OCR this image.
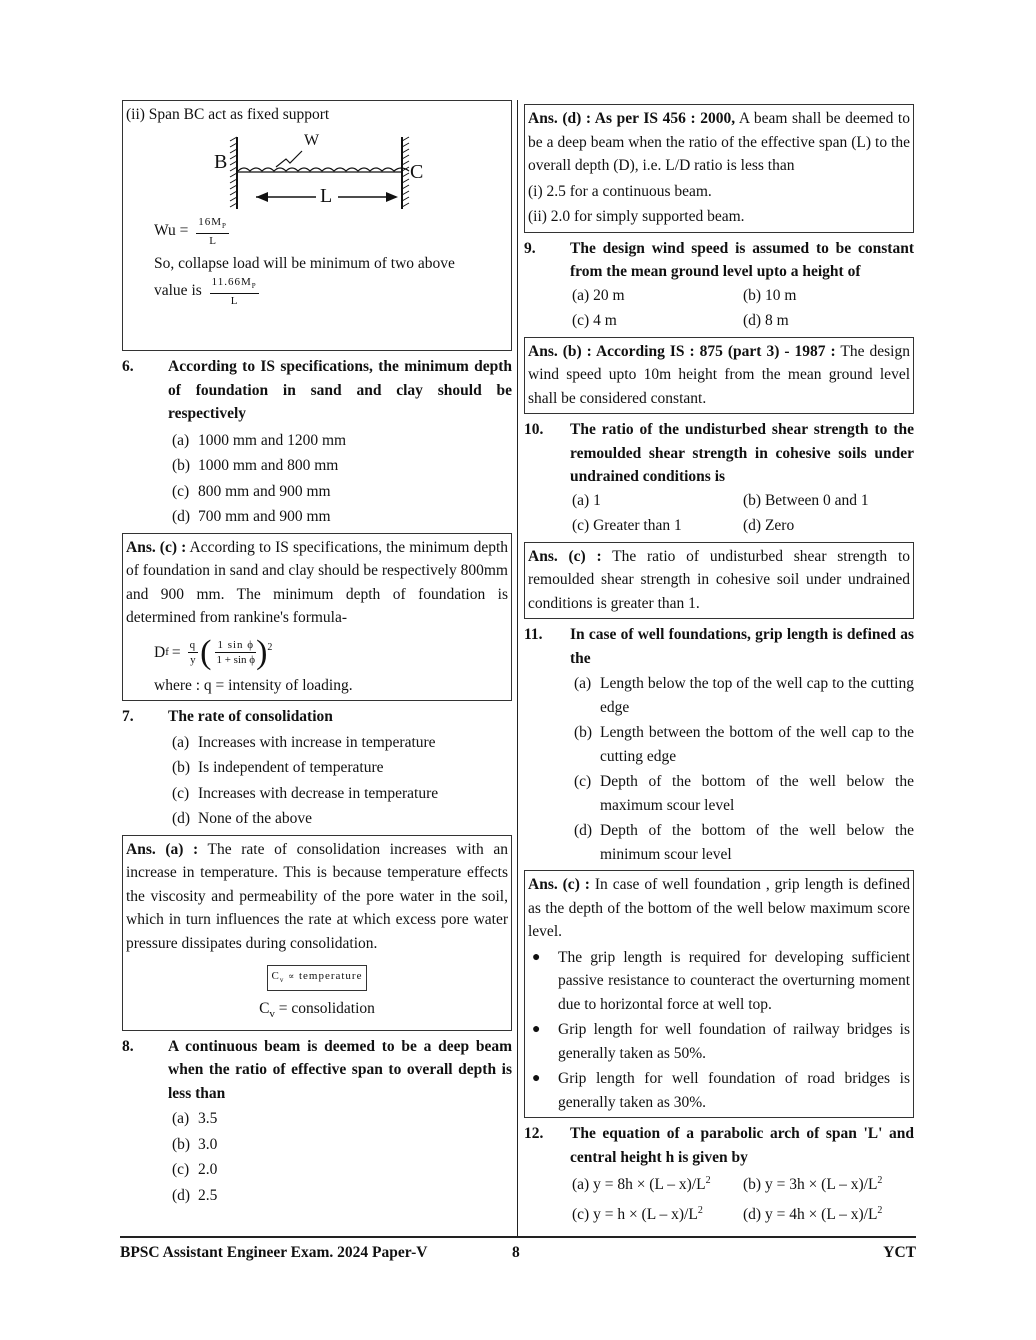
(ii) Span BC act as fixed support
B	C
W
L
$Wu = \frac{16M_P}{L}$
So, collapse load will be minimum of two above
value is $\frac{11.66M_P}{L}$
6.	According to IS specifications, the minimum depth of foundation in sand and clay should be respectively
(a) 1000 mm and 1200 mm
(b) 1000 mm and 800 mm
(c) 800 mm and 900 mm
(d) 700 mm and 900 mm
Ans. (c) : According to IS specifications, the minimum depth of foundation in sand and clay should be respectively 800mm and 900 mm. The minimum depth of foundation is determined from rankine's formula-
D $f = \frac{q}{y}$ ( $\frac{\text{1 sin ϕ}}{\text{1 + sin ϕ}} )^2$
where : q = intensity of loading.
7.	The rate of consolidation
(a) Increases with increase in temperature
(b) Is independent of temperature
(c) Increases with decrease in temperature
(d) None of the above
Ans. (a) : The rate of consolidation increases with an increase in temperature. This is because temperature effects the viscosity and permeability of the pore water in the soil, which in turn influences the rate at which excess pore water pressure dissipates during consolidation.
$C_v$ ∝ temperature
$C_v$ = consolidation
8.	A continuous beam is deemed to be a deep beam when the ratio of effective span to overall depth is less than
(a) 3.5
(b) 3.0
(c) 2.0
(d) 2.5
Ans. (d) : As per IS 456 : 2000, A beam shall be deemed to be a deep beam when the ratio of the effective span (L) to the overall depth (D), i.e. L/D ratio is less than
(i) 2.5 for a continuous beam.
(ii) 2.0 for simply supported beam.
9.	The design wind speed is assumed to be constant from the mean ground level upto a height of
(a) 20 m	(b) 10 m
(c) 4 m	(d) 8 m
Ans. (b) : According IS : 875 (part 3) - 1987 : The design wind speed upto 10m height from the mean ground level shall be considered constant.
10.	The ratio of the undisturbed shear strength to the remoulded shear strength in cohesive soils under undrained conditions is
(a) 1	(b) Between 0 and 1
(c) Greater than 1	(d) Zero
Ans. (c) : The ratio of undisturbed shear strength to remoulded shear strength in cohesive soil under undrained conditions is greater than 1.
11.	In case of well foundations, grip length is defined as the
(a) Length below the top of the well cap to the cutting edge
(b) Length between the bottom of the well cap to the cutting edge
(c) Depth of the bottom of the well below the maximum scour level
(d) Depth of the bottom of the well below the minimum scour level
Ans. (c) : In case of well foundation , grip length is defined as the depth of the bottom of the well below maximum score level.
●	The grip length is required for developing sufficient passive resistance to counteract the overturning moment due to horizontal force at well top.
●	Grip length for well foundation of railway bridges is generally taken as 50%.
●	Grip length for well foundation of road bridges is generally taken as 30%.
12.	The equation of a parabolic arch of span 'L' and central height h is given by
(a) $y = 8h \times (L - x)/L^2$	(b) $y = 3h \times (L - x)/L^2$
(c) $y = h \times (L - x)/L^2$	(d) $y = 4h \times (L - x)/L^2$
BPSC Assistant Engineer Exam. 2024 Paper-V	8	YCT
